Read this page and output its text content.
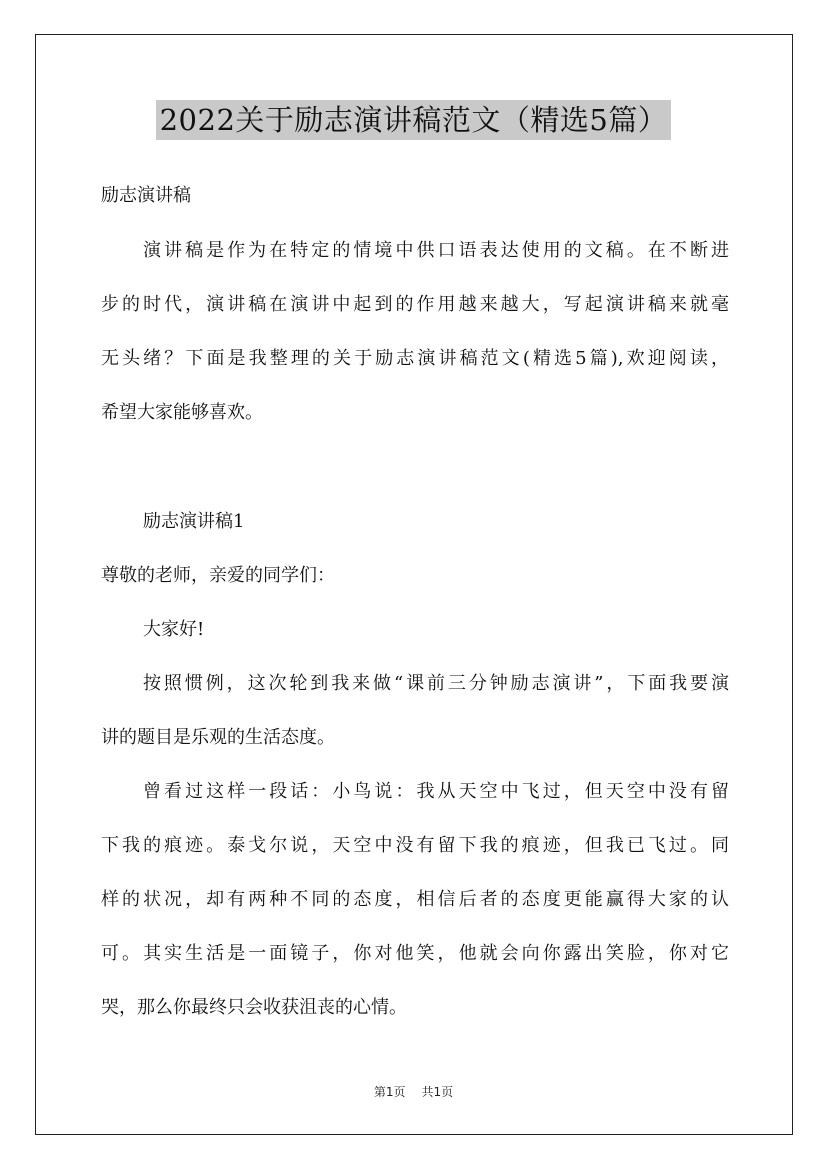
2022关于励志演讲稿范文（精选5篇）

励志演讲稿

演讲稿是作为在特定的情境中供口语表达使用的文稿。在不断进

步的时代，演讲稿在演讲中起到的作用越来越大，写起演讲稿来就毫

无头绪？下面是我整理的关于励志演讲稿范文(精选5篇),欢迎阅读，

希望大家能够喜欢。

励志演讲稿1

尊敬的老师，亲爱的同学们：

大家好!

按照惯例，这次轮到我来做“课前三分钟励志演讲”，下面我要演

讲的题目是乐观的生活态度。

曾看过这样一段话：小鸟说：我从天空中飞过，但天空中没有留

下我的痕迹。泰戈尔说，天空中没有留下我的痕迹，但我已飞过。同

样的状况，却有两种不同的态度，相信后者的态度更能赢得大家的认

可。其实生活是一面镜子，你对他笑，他就会向你露出笑脸，你对它

哭，那么你最终只会收获沮丧的心情。

第1页 共1页
